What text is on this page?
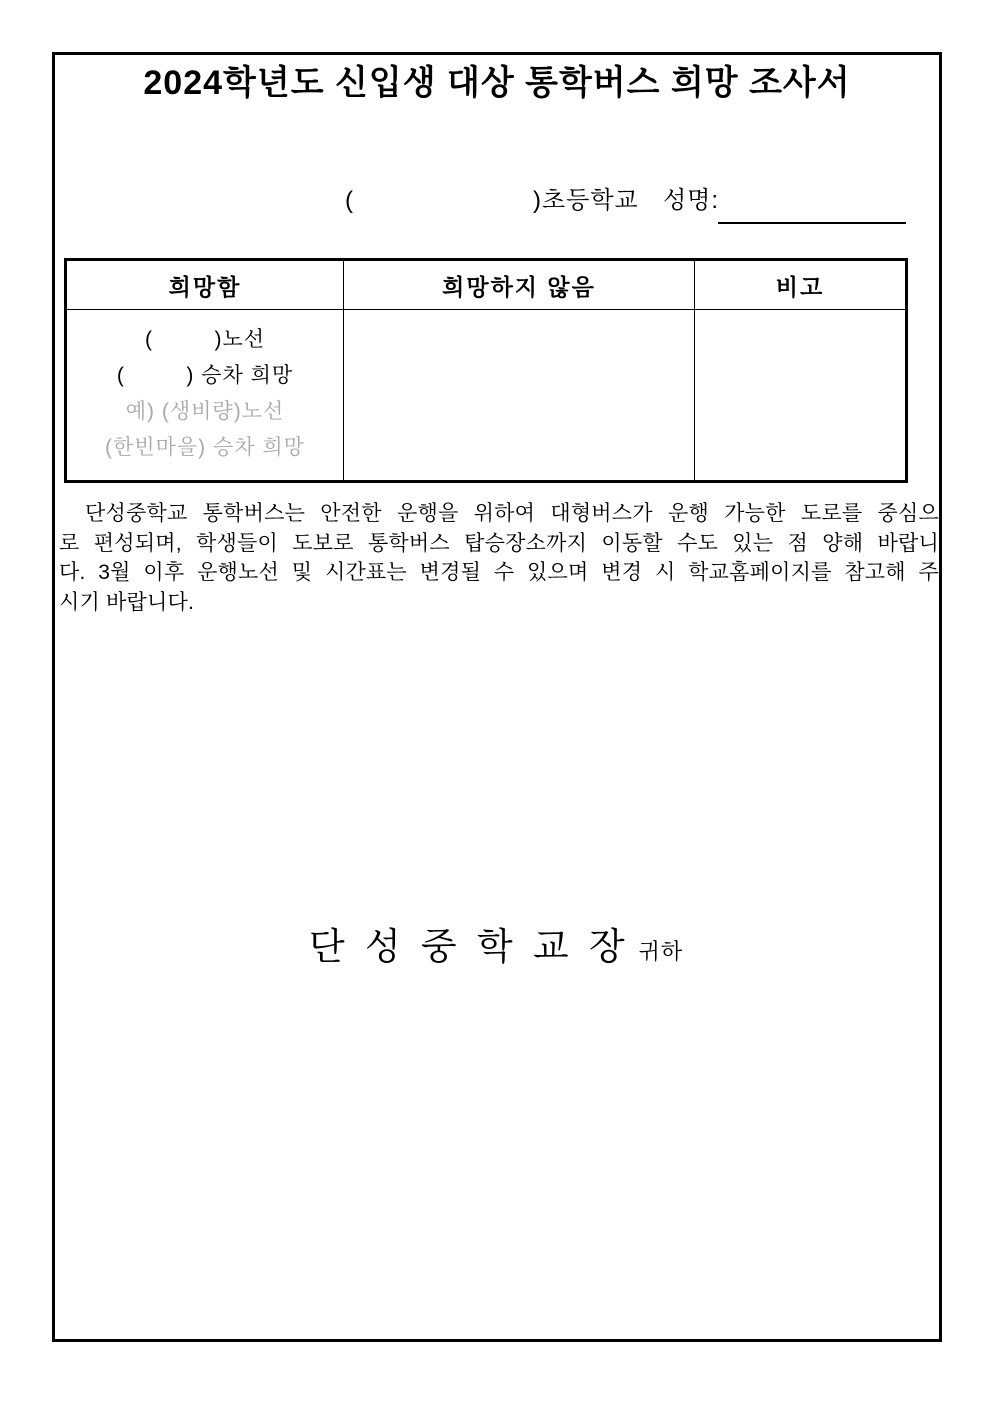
2024학년도 신입생 대상 통학버스 희망 조사서
(	)초등학교 성명:
희망함	희망하지 않음	비고

(         )노선
(         ) 승차 희망
예) (생비량)노선
(한빈마을) 승차 희망		

단성중학교 통학버스는 안전한 운행을 위하여 대형버스가 운행 가능한 도로를 중심으
로 편성되며, 학생들이 도보로 통학버스 탑승장소까지 이동할 수도 있는 점 양해 바랍니
다. 3월 이후 운행노선 및 시간표는 변경될 수 있으며 변경 시 학교홈페이지를 참고해 주
시기 바랍니다.
단 성 중 학 교 장 귀하
